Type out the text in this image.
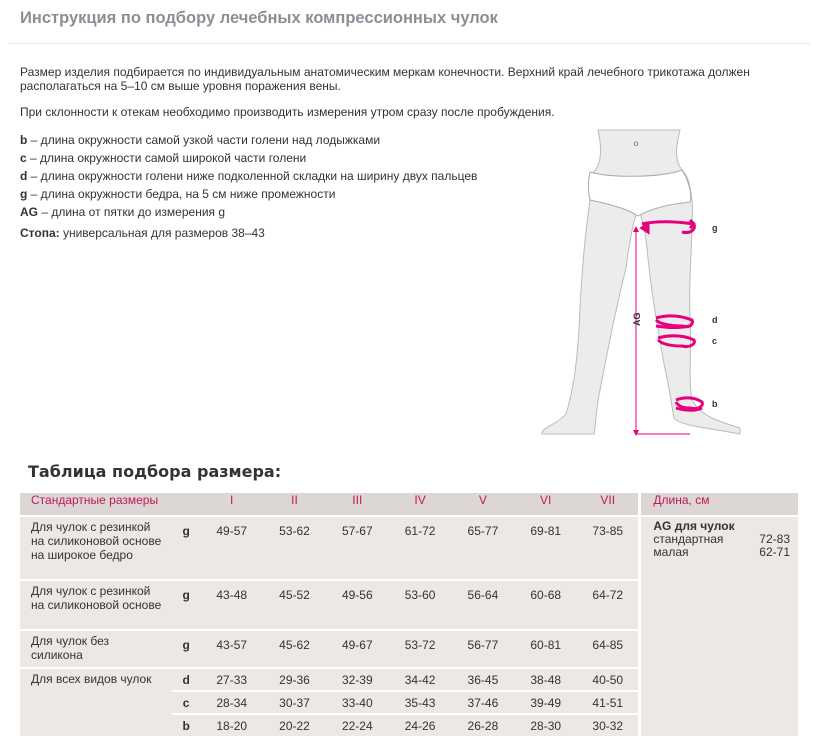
Инструкция по подбору лечебных компрессионных чулок

Размер изделия подбирается по индивидуальным анатомическим меркам конечности. Верхний край лечебного трикотажа должен располагаться на 5–10 см выше уровня поражения вены.

При склонности к отекам необходимо производить измерения утром сразу после пробуждения.

b – длина окружности самой узкой части голени над лодыжками
c – длина окружности самой широкой части голени
d – длина окружности голени ниже подколенной складки на ширину двух пальцев
g – длина окружности бедра, на 5 см ниже промежности
AG – длина от пятки до измерения g
Стопа: универсальная для размеров 38–43
o
AG
g
d
c
b
Таблица подбора размера:
Стандартные размеры		I	II	III	IV	V	VI	VII	Длина, см
Для чулок с резинкой на силиконовой основе на широкое бедро	g	49-57	53-62	57-67	61-72	65-77	69-81	73-85	AG для чулок
стандартная 72-83
малая 62-71

Для чулок с резинкой на силиконовой основе	g	43-48	45-52	49-56	53-60	56-64	60-68	64-72	
Для чулок без силикона	g	43-57	45-62	49-67	53-72	56-77	60-81	64-85	
Для всех видов чулок	d	27-33	29-36	32-39	34-42	36-45	38-48	40-50	
	c	28-34	30-37	33-40	35-43	37-46	39-49	41-51	
	b	18-20	20-22	22-24	24-26	26-28	28-30	30-32	
